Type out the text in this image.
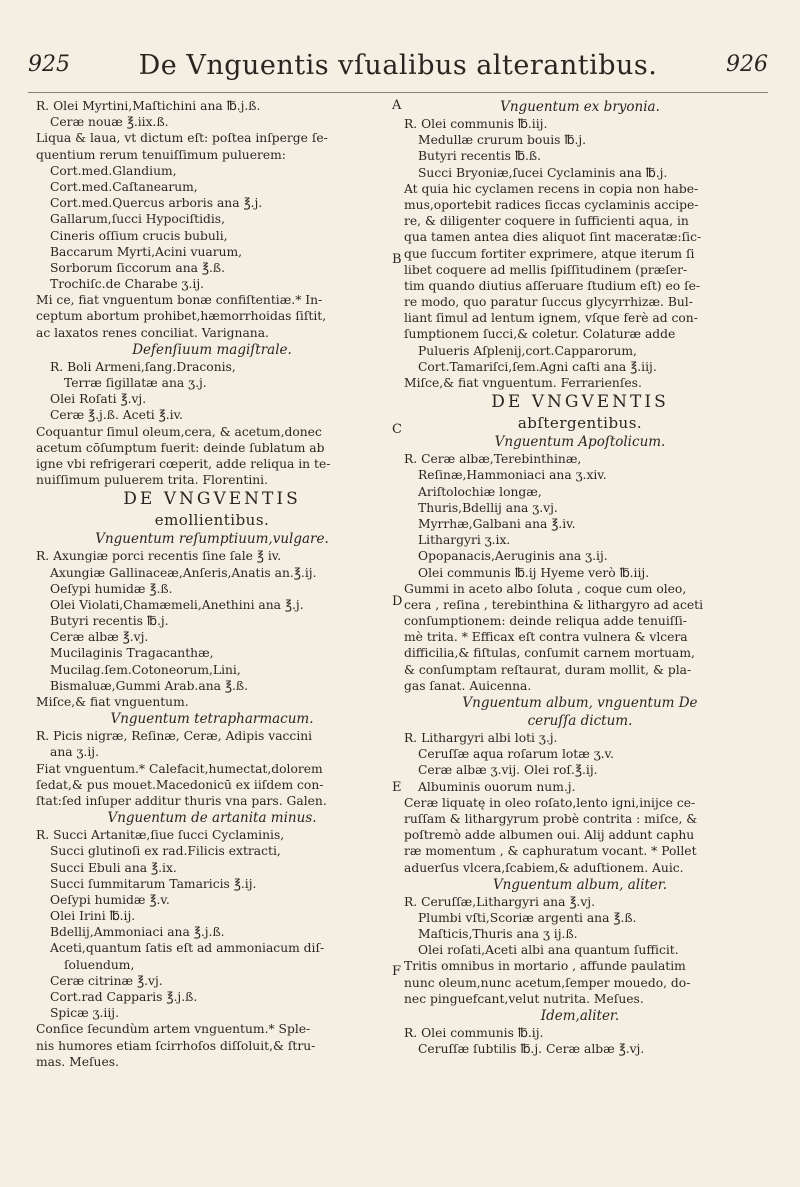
925	De Vnguentis vſualibus alterantibus.	926
A
B
C
D
E
F
R. Olei Myrtini,Maſtichini ana ℔.j.ß.
Ceræ nouæ ℥.iix.ß.
Liqua & laua, vt dictum eſt: poſtea inſperge ſe-
quentium rerum tenuiſſimum puluerem:
Cort.med.Glandium,
Cort.med.Caſtanearum,
Cort.med.Quercus arboris ana ℥.j.
Gallarum,ſucci Hypociſtidis,
Cineris oſſium crucis bubuli,
Baccarum Myrti,Acini vuarum,
Sorborum ſiccorum ana ℥.ß.
Trochiſc.de Charabe ʒ.ij.
Mi ce, fiat vnguentum bonæ confiſtentiæ.* In-
ceptum abortum prohibet,hæmorrhoidas ſiſtit,
ac laxatos renes conciliat. Varignana.
Defenſiuum magiſtrale.
R. Boli Armeni,ſang.Draconis,
Terræ ſigillatæ ana ʒ.j.
Olei Roſati ℥.vj.
Ceræ ℥.j.ß. Aceti ℥.iv.
Coquantur ſimul oleum,cera, & acetum,donec
acetum cōſumptum fuerit: deinde ſublatum ab
igne vbi refrigerari cœperit, adde reliqua in te-
nuiſſimum puluerem trita. Florentini.
DE VNGVENTIS
emollientibus.
Vnguentum reſumptiuum,vulgare.
R. Axungiæ porci recentis ſine ſale ℥ iv.
Axungiæ Gallinaceæ,Anſeris,Anatis an.℥.ij.
Oeſypi humidæ ℥.ß.
Olei Violati,Chamæmeli,Anethini ana ℥.j.
Butyri recentis ℔.j.
Ceræ albæ ℥.vj.
Mucilaginis Tragacanthæ,
Mucilag.ſem.Cotoneorum,Lini,
Bismaluæ,Gummi Arab.ana ℥.ß.
Miſce,& fiat vnguentum.
Vnguentum tetrapharmacum.
R. Picis nigræ, Reſinæ, Ceræ, Adipis vaccini
ana ʒ.ij.
Fiat vnguentum.* Calefacit,humectat,dolorem
ſedat,& pus mouet.Macedonicū ex iiſdem con-
ſtat:ſed inſuper additur thuris vna pars. Galen.
Vnguentum de artanita minus.
R. Succi Artanitæ,ſiue ſucci Cyclaminis,
Succi glutinoſi ex rad.Filicis extracti,
Succi Ebuli ana ℥.ix.
Succi ſummitarum Tamaricis ℥.ij.
Oeſypi humidæ ℥.v.
Olei Irini ℔.ij.
Bdellij,Ammoniaci ana ℥.j.ß.
Aceti,quantum ſatis eſt ad ammoniacum diſ-
ſoluendum,
Ceræ citrinæ ℥.vj.
Cort.rad Capparis ℥.j.ß.
Spicæ ʒ.iij.
Conſice ſecundùm artem vnguentum.* Sple-
nis humores etiam ſcirrhoſos diſſoluit,& ſtru-
mas. Meſues.
Vnguentum ex bryonia.
R. Olei communis ℔.iij.
Medullæ crurum bouis ℔.j.
Butyri recentis ℔.ß.
Succi Bryoniæ,ſucei Cyclaminis ana ℔.j.
At quia hic cyclamen recens in copia non habe-
mus,oportebit radices ſiccas cyclaminis accipe-
re, & diligenter coquere in ſufficienti aqua, in
qua tamen antea dies aliquot ſint maceratæ:ſic-
que ſuccum fortiter exprimere, atque iterum ſi
libet coquere ad mellis ſpiſſitudinem (præſer-
tim quando diutius aſſeruare ſtudium eſt) eo ſe-
re modo, quo paratur ſuccus glycyrrhizæ. Bul-
liant ſimul ad lentum ignem, vſque ferè ad con-
ſumptionem ſucci,& coletur. Colaturæ adde
Pulueris Aſplenij,cort.Capparorum,
Cort.Tamariſci,ſem.Agni caſti ana ℥.iij.
Miſce,& fiat vnguentum. Ferrarienſes.
DE VNGVENTIS
abſtergentibus.
Vnguentum Apoſtolicum.
R. Ceræ albæ,Terebinthinæ,
Reſinæ,Hammoniaci ana ʒ.xiv.
Ariſtolochiæ longæ,
Thuris,Bdellij ana ʒ.vj.
Myrrhæ,Galbani ana ℥.iv.
Lithargyri ʒ.ix.
Opopanacis,Aeruginis ana ʒ.ij.
Olei communis ℔.ij Hyeme verò ℔.iij.
Gummi in aceto albo ſoluta , coque cum oleo,
cera , reſina , terebinthina & lithargyro ad aceti
conſumptionem: deinde reliqua adde tenuiſſi-
mè trita. * Efficax eſt contra vulnera & vlcera
difficilia,& fiſtulas, conſumit carnem mortuam,
& conſumptam reſtaurat, duram mollit, & pla-
gas ſanat. Auicenna.
Vnguentum album, vnguentum De
ceruſſa dictum.
R. Lithargyri albi loti ʒ.j.
Ceruſſæ aqua roſarum lotæ ʒ.v.
Ceræ albæ ʒ.vij. Olei roſ.℥.ij.
Albuminis ouorum num.j.
Ceræ liquatę in oleo roſato,lento igni,inijce ce-
ruſſam & lithargyrum probè contrita : miſce, &
poſtremò adde albumen oui. Alij addunt caphu
ræ momentum , & caphuratum vocant. * Pollet
aduerſus vlcera,ſcabiem,& aduſtionem. Auic.
Vnguentum album, aliter.
R. Ceruſſæ,Lithargyri ana ℥.vj.
Plumbi vſti,Scoriæ argenti ana ℥.ß.
Maſticis,Thuris ana ʒ ij.ß.
Olei roſati,Aceti albi ana quantum ſufficit.
Tritis omnibus in mortario , affunde paulatim
nunc oleum,nunc acetum,ſemper mouedo, do-
nec pinguefcant,velut nutrita. Meſues.
Idem,aliter.
R. Olei communis ℔.ij.
Ceruſſæ ſubtilis ℔.j. Ceræ albæ ℥.vj.
